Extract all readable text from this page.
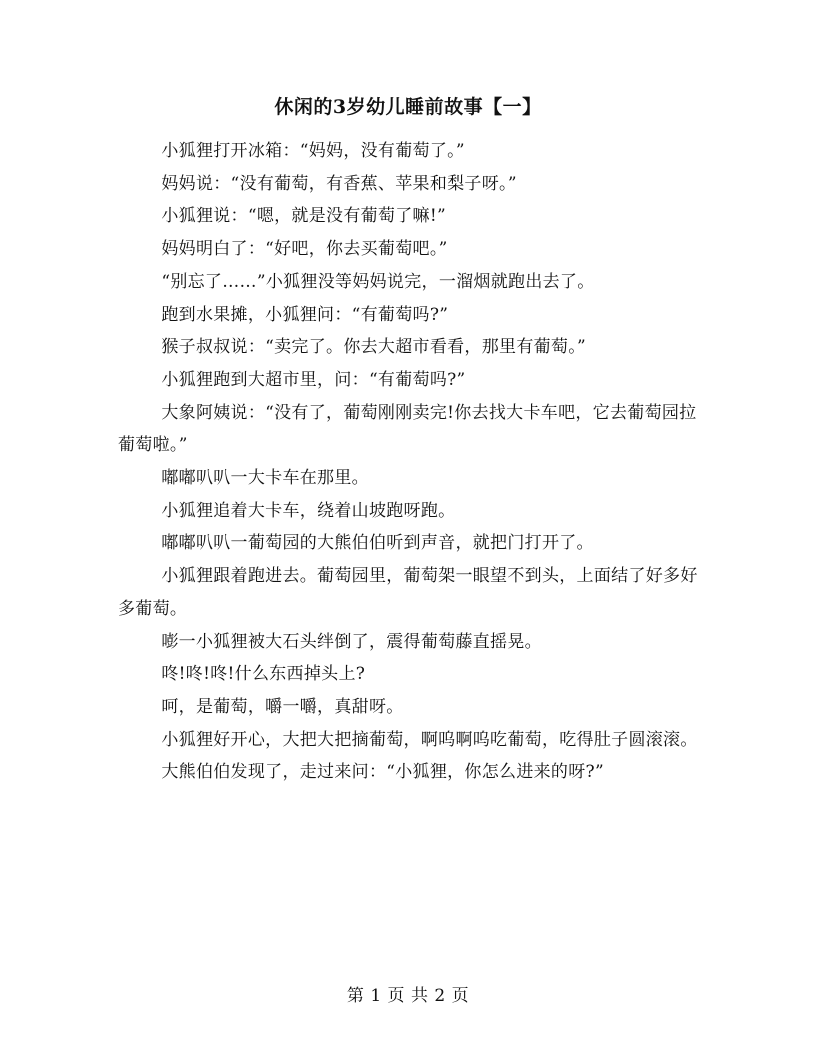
休闲的3岁幼儿睡前故事【一】

小狐狸打开冰箱：“妈妈，没有葡萄了。”

妈妈说：“没有葡萄，有香蕉、苹果和梨子呀。”

小狐狸说：“嗯，就是没有葡萄了嘛!”

妈妈明白了：“好吧，你去买葡萄吧。”

“别忘了……”小狐狸没等妈妈说完，一溜烟就跑出去了。

跑到水果摊，小狐狸问：“有葡萄吗?”

猴子叔叔说：“卖完了。你去大超市看看，那里有葡萄。”

小狐狸跑到大超市里，问：“有葡萄吗?”

大象阿姨说：“没有了，葡萄刚刚卖完!你去找大卡车吧，它去葡萄园拉葡萄啦。”

嘟嘟叭叭一大卡车在那里。

小狐狸追着大卡车，绕着山坡跑呀跑。

嘟嘟叭叭一葡萄园的大熊伯伯听到声音，就把门打开了。

小狐狸跟着跑进去。葡萄园里，葡萄架一眼望不到头，上面结了好多好多葡萄。

嘭一小狐狸被大石头绊倒了，震得葡萄藤直摇晃。

咚!咚!咚!什么东西掉头上?

呵，是葡萄，嚼一嚼，真甜呀。

小狐狸好开心，大把大把摘葡萄，啊呜啊呜吃葡萄，吃得肚子圆滚滚。

大熊伯伯发现了，走过来问：“小狐狸，你怎么进来的呀?”

第 1 页 共 2 页
